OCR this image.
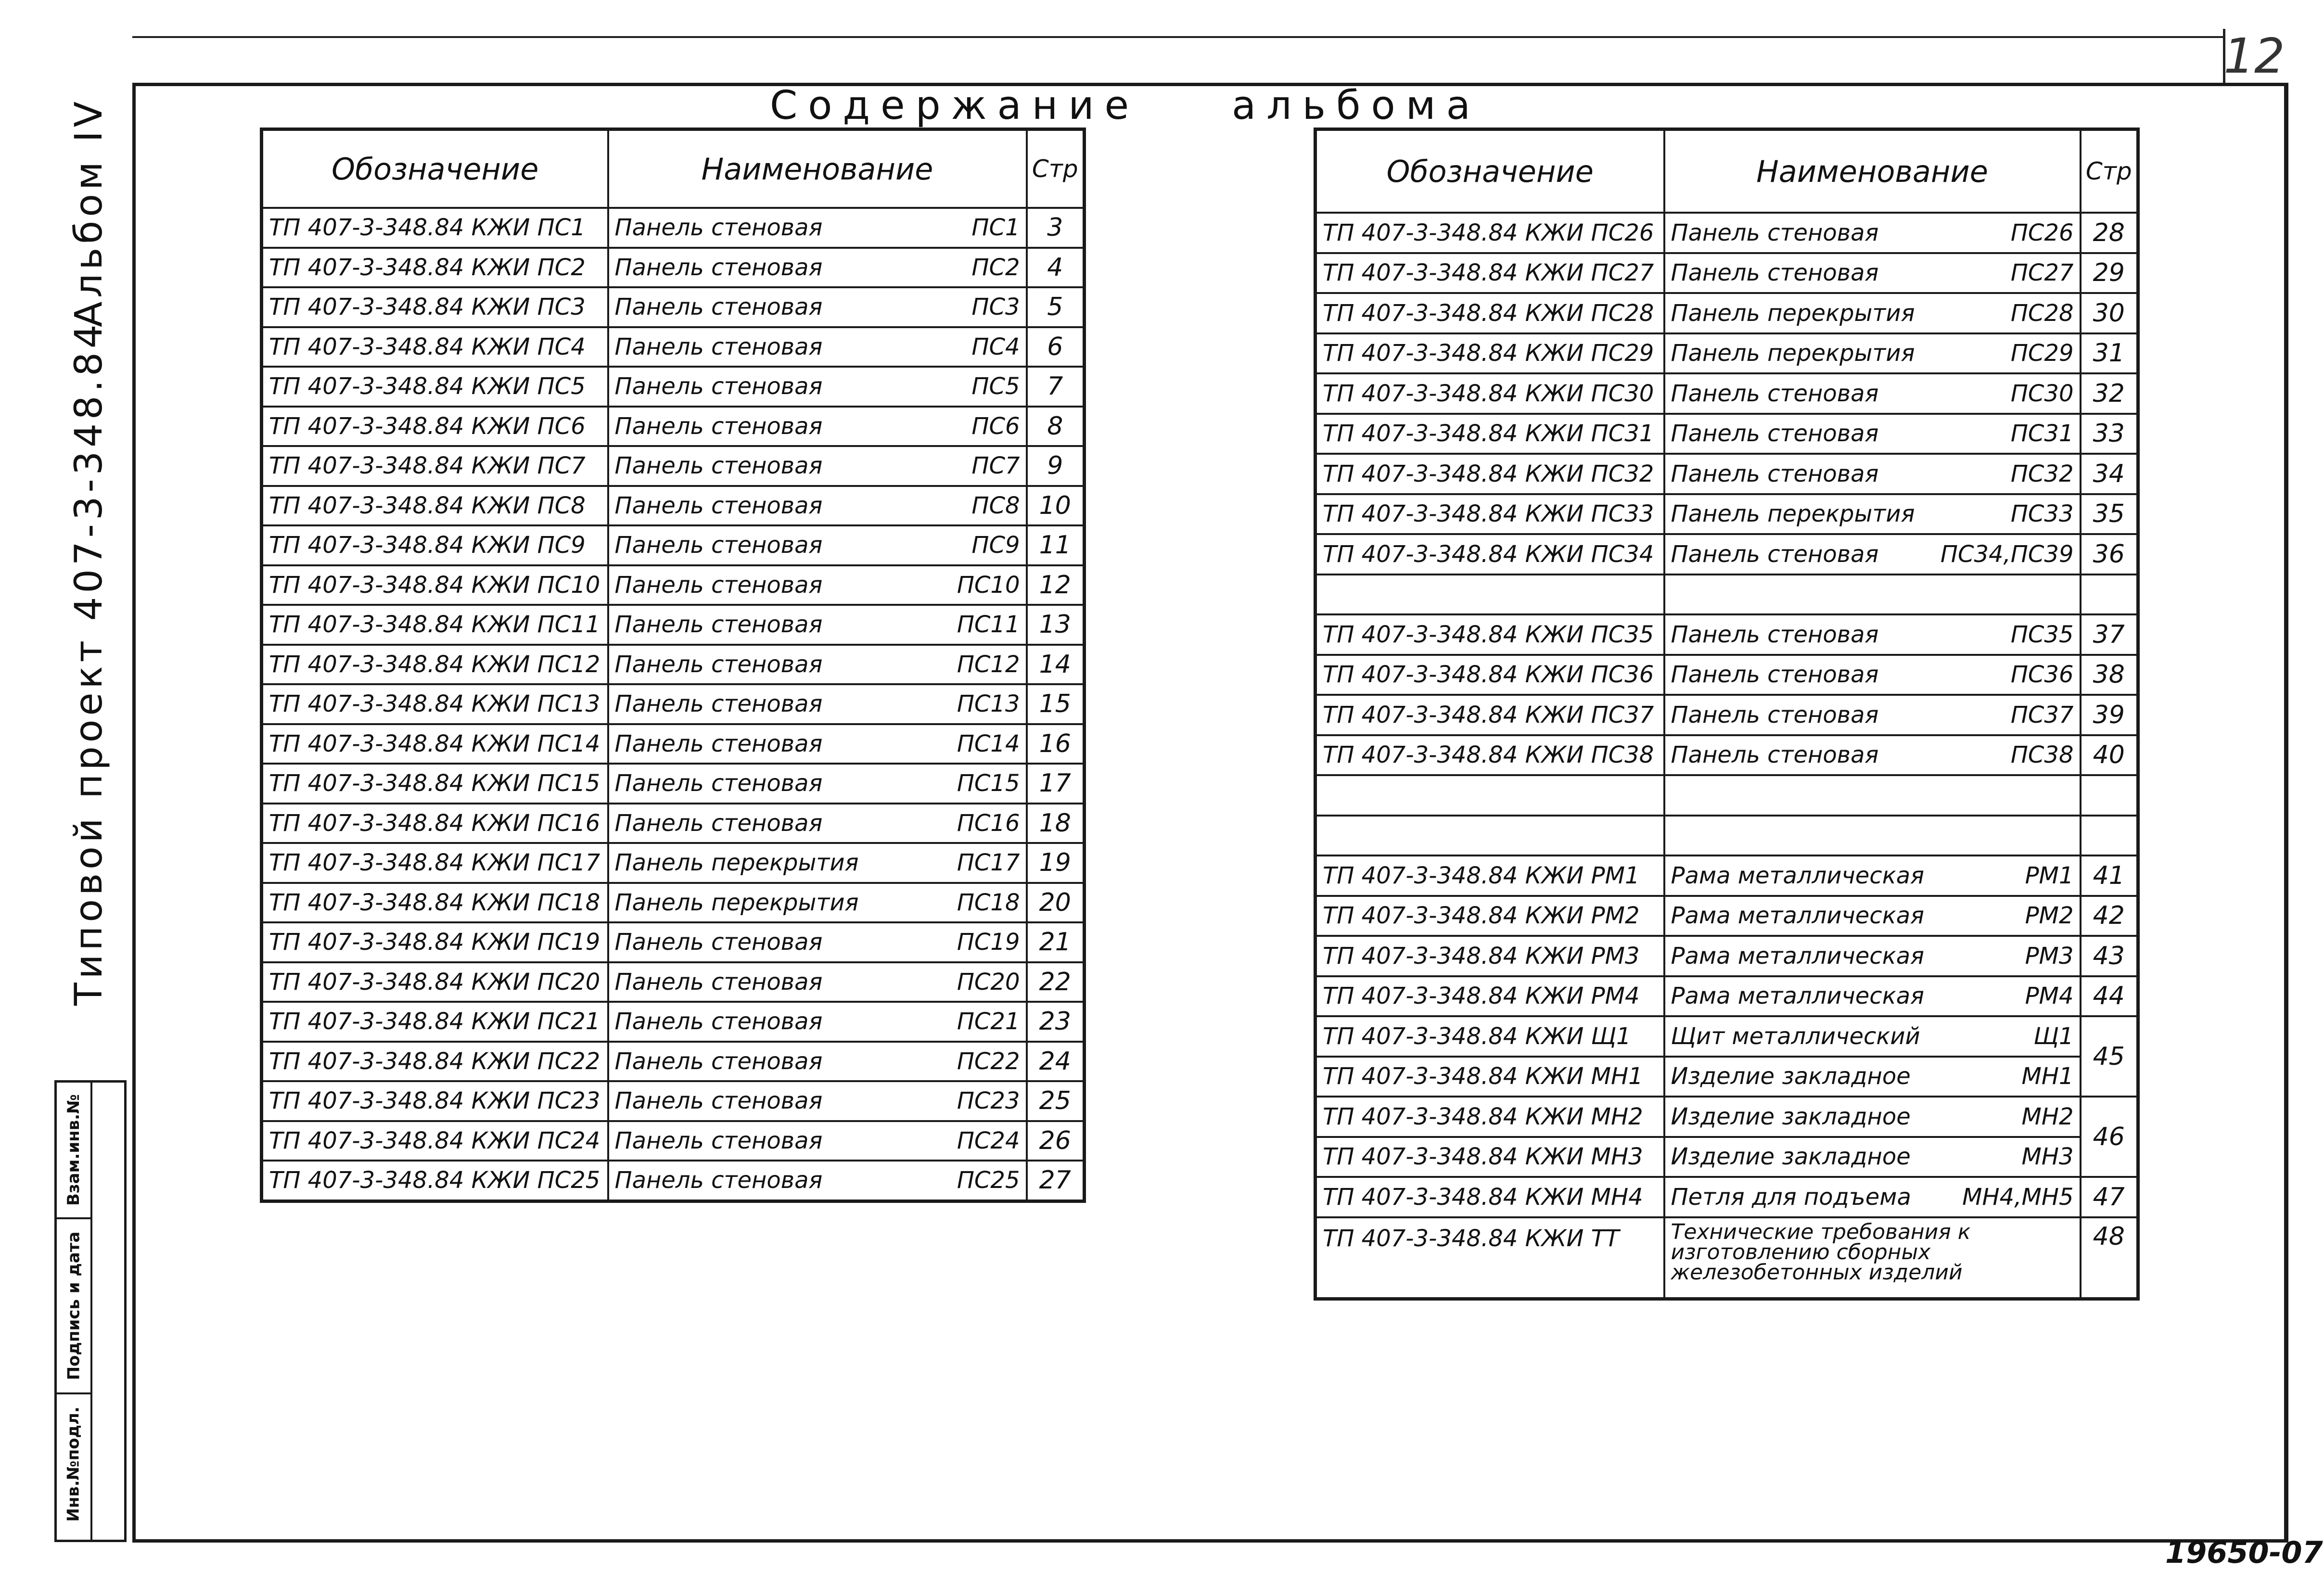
12
Содержание альбома
Типовой проект 407-3-348.84
Альбом IV
Взам.инв.№
Подпись и дата
Инв.№подл.
Обозначение	Наименование	Стр
ТП 407-3-348.84 КЖИ ПС1	Панель стеновая ПС1	3
ТП 407-3-348.84 КЖИ ПС2	Панель стеновая ПС2	4
ТП 407-3-348.84 КЖИ ПС3	Панель стеновая ПС3	5
ТП 407-3-348.84 КЖИ ПС4	Панель стеновая ПС4	6
ТП 407-3-348.84 КЖИ ПС5	Панель стеновая ПС5	7
ТП 407-3-348.84 КЖИ ПС6	Панель стеновая ПС6	8
ТП 407-3-348.84 КЖИ ПС7	Панель стеновая ПС7	9
ТП 407-3-348.84 КЖИ ПС8	Панель стеновая ПС8	10
ТП 407-3-348.84 КЖИ ПС9	Панель стеновая ПС9	11
ТП 407-3-348.84 КЖИ ПС10	Панель стеновая ПС10	12
ТП 407-3-348.84 КЖИ ПС11	Панель стеновая ПС11	13
ТП 407-3-348.84 КЖИ ПС12	Панель стеновая ПС12	14
ТП 407-3-348.84 КЖИ ПС13	Панель стеновая ПС13	15
ТП 407-3-348.84 КЖИ ПС14	Панель стеновая ПС14	16
ТП 407-3-348.84 КЖИ ПС15	Панель стеновая ПС15	17
ТП 407-3-348.84 КЖИ ПС16	Панель стеновая ПС16	18
ТП 407-3-348.84 КЖИ ПС17	Панель перекрытия ПС17	19
ТП 407-3-348.84 КЖИ ПС18	Панель перекрытия ПС18	20
ТП 407-3-348.84 КЖИ ПС19	Панель стеновая ПС19	21
ТП 407-3-348.84 КЖИ ПС20	Панель стеновая ПС20	22
ТП 407-3-348.84 КЖИ ПС21	Панель стеновая ПС21	23
ТП 407-3-348.84 КЖИ ПС22	Панель стеновая ПС22	24
ТП 407-3-348.84 КЖИ ПС23	Панель стеновая ПС23	25
ТП 407-3-348.84 КЖИ ПС24	Панель стеновая ПС24	26
ТП 407-3-348.84 КЖИ ПС25	Панель стеновая ПС25	27
Обозначение	Наименование	Стр
ТП 407-3-348.84 КЖИ ПС26	Панель стеновая ПС26	28
ТП 407-3-348.84 КЖИ ПС27	Панель стеновая ПС27	29
ТП 407-3-348.84 КЖИ ПС28	Панель перекрытия ПС28	30
ТП 407-3-348.84 КЖИ ПС29	Панель перекрытия ПС29	31
ТП 407-3-348.84 КЖИ ПС30	Панель стеновая ПС30	32
ТП 407-3-348.84 КЖИ ПС31	Панель стеновая ПС31	33
ТП 407-3-348.84 КЖИ ПС32	Панель стеновая ПС32	34
ТП 407-3-348.84 КЖИ ПС33	Панель перекрытия ПС33	35
ТП 407-3-348.84 КЖИ ПС34	Панель стеновая ПС34,ПС39	36

ТП 407-3-348.84 КЖИ ПС35	Панель стеновая ПС35	37
ТП 407-3-348.84 КЖИ ПС36	Панель стеновая ПС36	38
ТП 407-3-348.84 КЖИ ПС37	Панель стеновая ПС37	39
ТП 407-3-348.84 КЖИ ПС38	Панель стеновая ПС38	40

ТП 407-3-348.84 КЖИ РМ1	Рама металлическая РМ1	41
ТП 407-3-348.84 КЖИ РМ2	Рама металлическая РМ2	42
ТП 407-3-348.84 КЖИ РМ3	Рама металлическая РМ3	43
ТП 407-3-348.84 КЖИ РМ4	Рама металлическая РМ4	44
ТП 407-3-348.84 КЖИ Щ1	Щит металлический Щ1	45
ТП 407-3-348.84 КЖИ МН1	Изделие закладное МН1	

ТП 407-3-348.84 КЖИ МН2	Изделие закладное МН2	46
ТП 407-3-348.84 КЖИ МН3	Изделие закладное МН3	

ТП 407-3-348.84 КЖИ МН4	Петля для подъема МН4,МН5	47
ТП 407-3-348.84 КЖИ ТТ	Технические требования к изготовлению сборных железобетонных изделий	48
19650-07
